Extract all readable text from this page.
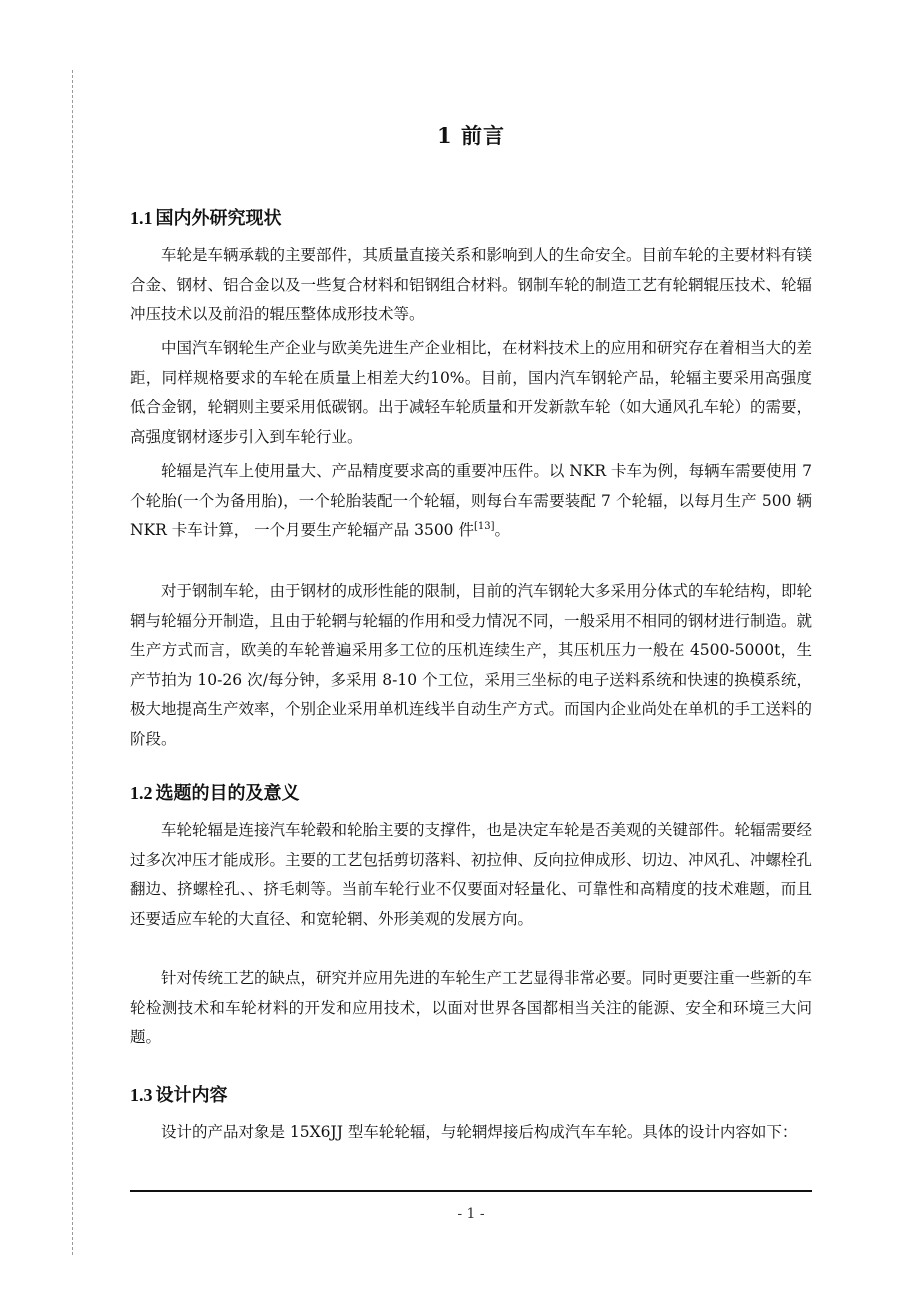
1 前言
1.1 国内外研究现状

车轮是车辆承载的主要部件，其质量直接关系和影响到人的生命安全。目前车轮的主要材料有镁合金、钢材、铝合金以及一些复合材料和铝钢组合材料。钢制车轮的制造工艺有轮辋辊压技术、轮辐冲压技术以及前沿的辊压整体成形技术等。

中国汽车钢轮生产企业与欧美先进生产企业相比，在材料技术上的应用和研究存在着相当大的差距，同样规格要求的车轮在质量上相差大约10%。目前，国内汽车钢轮产品，轮辐主要采用高强度低合金钢，轮辋则主要采用低碳钢。出于减轻车轮质量和开发新款车轮（如大通风孔车轮）的需要，高强度钢材逐步引入到车轮行业。

轮辐是汽车上使用量大、产品精度要求高的重要冲压件。以 NKR 卡车为例，每辆车需要使用 7 个轮胎(一个为备用胎)，一个轮胎装配一个轮辐，则每台车需要装配 7 个轮辐，以每月生产 500 辆 NKR 卡车计算， 一个月要生产轮辐产品 3500 件[13]。

对于钢制车轮，由于钢材的成形性能的限制，目前的汽车钢轮大多采用分体式的车轮结构，即轮辋与轮辐分开制造，且由于轮辋与轮辐的作用和受力情况不同，一般采用不相同的钢材进行制造。就生产方式而言，欧美的车轮普遍采用多工位的压机连续生产，其压机压力一般在 4500-5000t，生产节拍为 10-26 次/每分钟，多采用 8-10 个工位，采用三坐标的电子送料系统和快速的换模系统，极大地提高生产效率，个别企业采用单机连线半自动生产方式。而国内企业尚处在单机的手工送料的阶段。

1.2 选题的目的及意义

车轮轮辐是连接汽车轮毂和轮胎主要的支撑件，也是决定车轮是否美观的关键部件。轮辐需要经过多次冲压才能成形。主要的工艺包括剪切落料、初拉伸、反向拉伸成形、切边、冲风孔、冲螺栓孔翻边、挤螺栓孔、、挤毛刺等。当前车轮行业不仅要面对轻量化、可靠性和高精度的技术难题，而且还要适应车轮的大直径、和宽轮辋、外形美观的发展方向。

针对传统工艺的缺点，研究并应用先进的车轮生产工艺显得非常必要。同时更要注重一些新的车轮检测技术和车轮材料的开发和应用技术，以面对世界各国都相当关注的能源、安全和环境三大问题。

1.3 设计内容

设计的产品对象是 15X6JJ 型车轮轮辐，与轮辋焊接后构成汽车车轮。具体的设计内容如下：

- 1 -
